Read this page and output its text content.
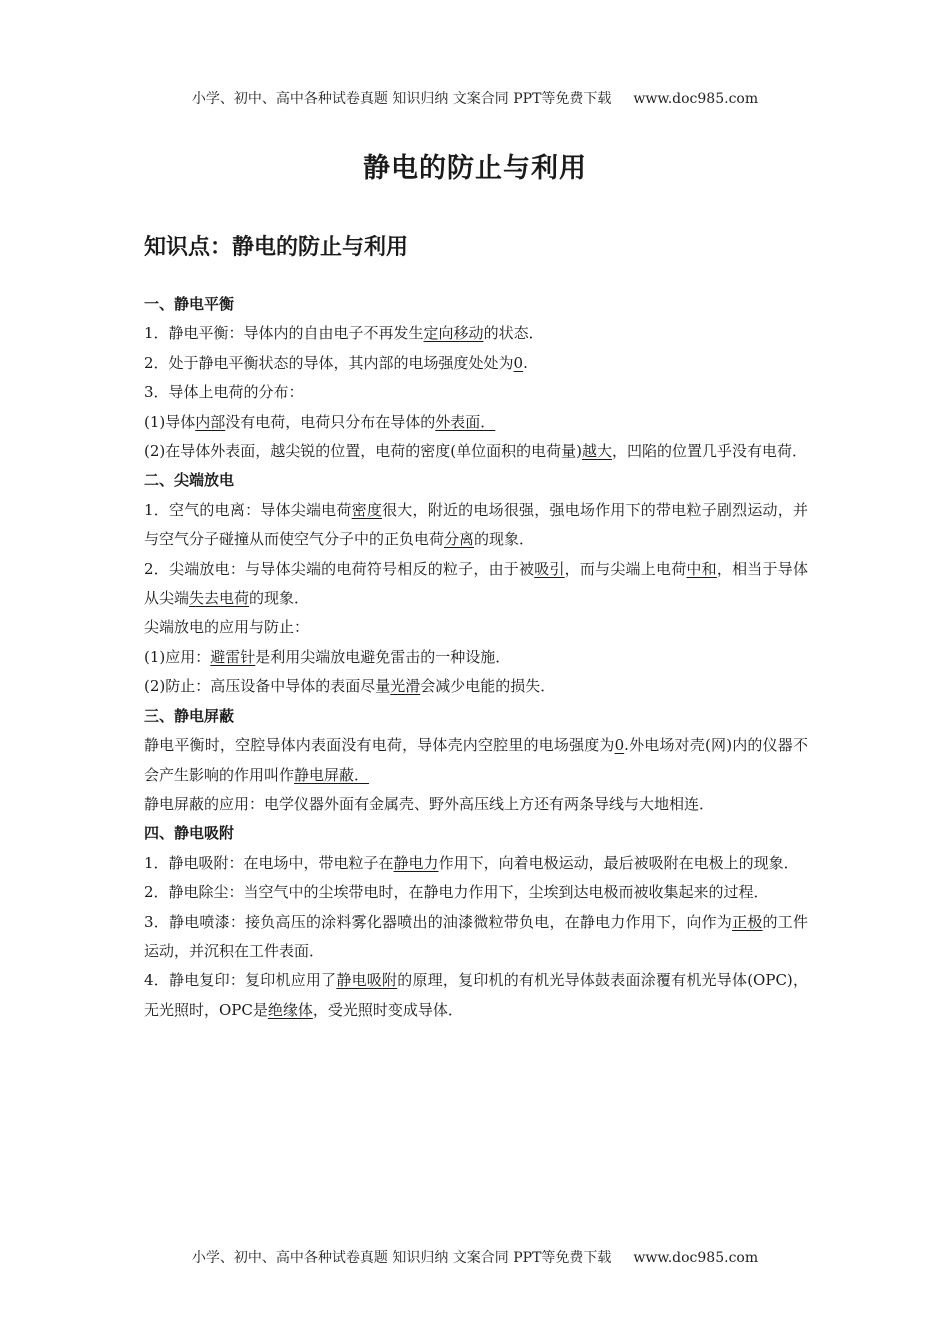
小学、初中、高中各种试卷真题 知识归纳 文案合同 PPT等免费下载 www.doc985.com
静电的防止与利用
知识点：静电的防止与利用

一、静电平衡

1．静电平衡：导体内的自由电子不再发生定向移动的状态．

2．处于静电平衡状态的导体，其内部的电场强度处处为0.

3．导体上电荷的分布：

(1)导体内部没有电荷，电荷只分布在导体的外表面．

(2)在导体外表面，越尖锐的位置，电荷的密度(单位面积的电荷量)越大，凹陷的位置几乎没有电荷．

二、尖端放电

1．空气的电离：导体尖端电荷密度很大，附近的电场很强，强电场作用下的带电粒子剧烈运动，并与空气分子碰撞从而使空气分子中的正负电荷分离的现象．

2．尖端放电：与导体尖端的电荷符号相反的粒子，由于被吸引，而与尖端上电荷中和，相当于导体从尖端失去电荷的现象．

尖端放电的应用与防止：

(1)应用：避雷针是利用尖端放电避免雷击的一种设施．

(2)防止：高压设备中导体的表面尽量光滑会减少电能的损失．

三、静电屏蔽

静电平衡时，空腔导体内表面没有电荷，导体壳内空腔里的电场强度为0.外电场对壳(网)内的仪器不会产生影响的作用叫作静电屏蔽．

静电屏蔽的应用：电学仪器外面有金属壳、野外高压线上方还有两条导线与大地相连．

四、静电吸附

1．静电吸附：在电场中，带电粒子在静电力作用下，向着电极运动，最后被吸附在电极上的现象．

2．静电除尘：当空气中的尘埃带电时，在静电力作用下，尘埃到达电极而被收集起来的过程．

3．静电喷漆：接负高压的涂料雾化器喷出的油漆微粒带负电，在静电力作用下，向作为正极的工件运动，并沉积在工件表面．

4．静电复印：复印机应用了静电吸附的原理，复印机的有机光导体鼓表面涂覆有机光导体(OPC)，无光照时，OPC是绝缘体，受光照时变成导体．

小学、初中、高中各种试卷真题 知识归纳 文案合同 PPT等免费下载 www.doc985.com
